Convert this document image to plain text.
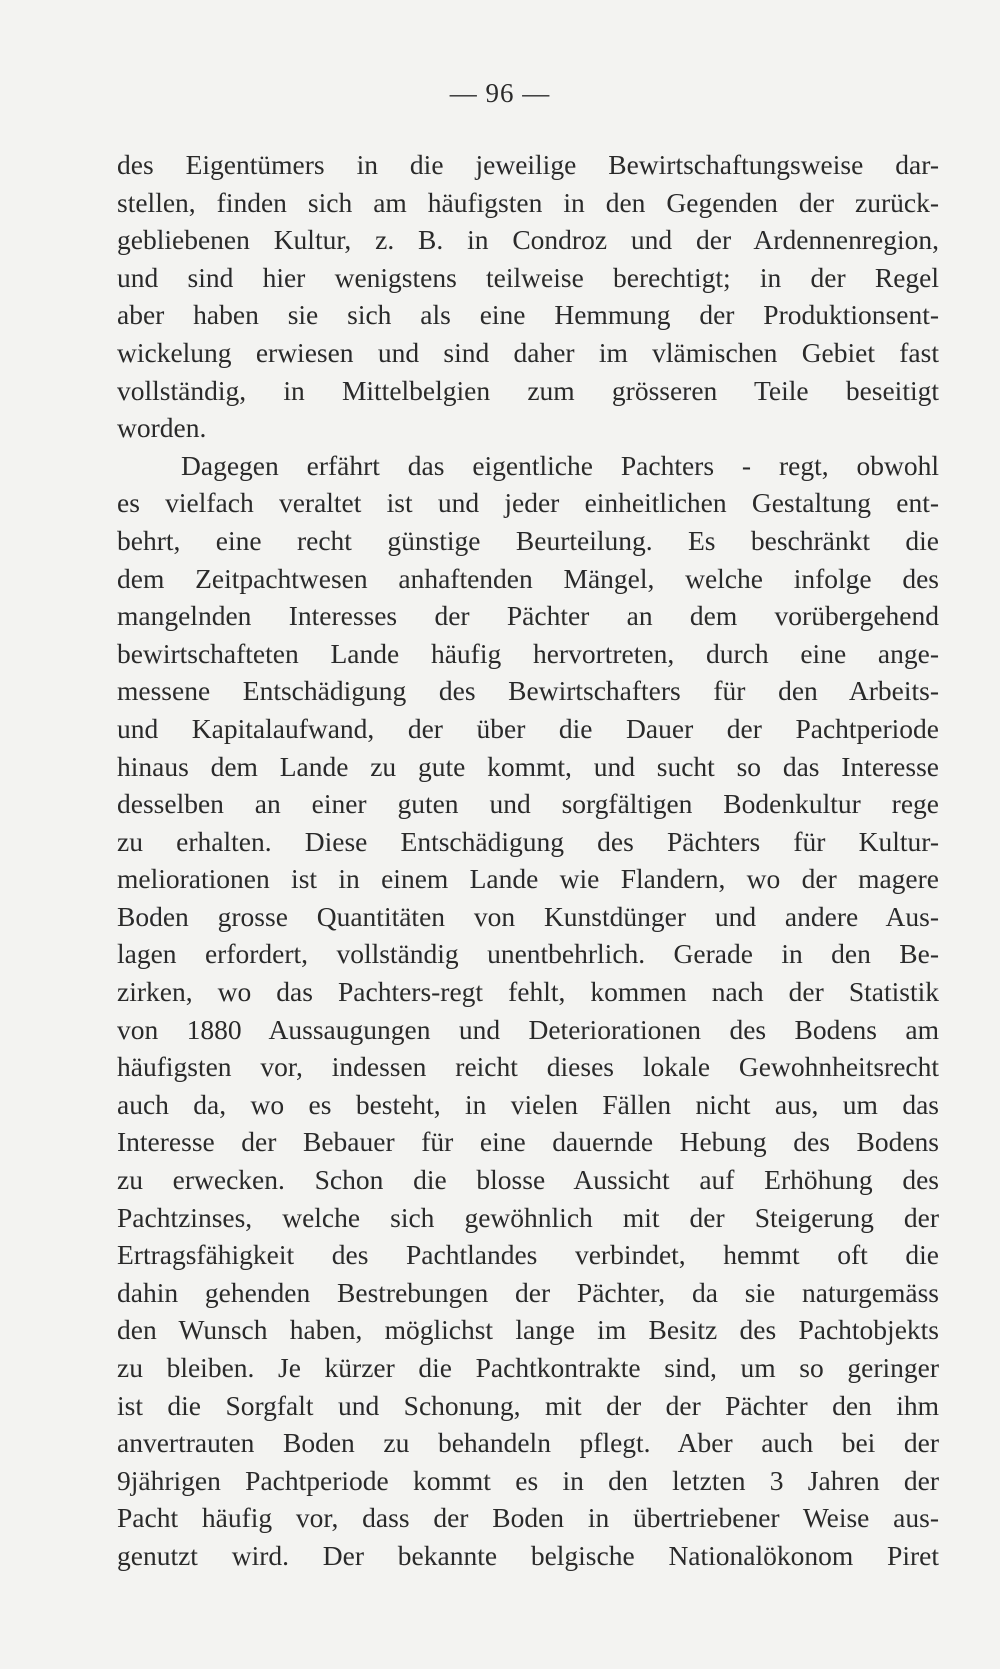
— 96 —
des Eigentümers in die jeweilige Bewirtschaftungsweise dar-
stellen, finden sich am häufigsten in den Gegenden der zurück-
gebliebenen Kultur, z. B. in Condroz und der Ardennenregion,
und sind hier wenigstens teilweise berechtigt; in der Regel
aber haben sie sich als eine Hemmung der Produktionsent-
wickelung erwiesen und sind daher im vlämischen Gebiet fast
vollständig, in Mittelbelgien zum grösseren Teile beseitigt
worden.
Dagegen erfährt das eigentliche Pachters - regt, obwohl
es vielfach veraltet ist und jeder einheitlichen Gestaltung ent-
behrt, eine recht günstige Beurteilung. Es beschränkt die
dem Zeitpachtwesen anhaftenden Mängel, welche infolge des
mangelnden Interesses der Pächter an dem vorübergehend
bewirtschafteten Lande häufig hervortreten, durch eine ange-
messene Entschädigung des Bewirtschafters für den Arbeits-
und Kapitalaufwand, der über die Dauer der Pachtperiode
hinaus dem Lande zu gute kommt, und sucht so das Interesse
desselben an einer guten und sorgfältigen Bodenkultur rege
zu erhalten. Diese Entschädigung des Pächters für Kultur-
meliorationen ist in einem Lande wie Flandern, wo der magere
Boden grosse Quantitäten von Kunstdünger und andere Aus-
lagen erfordert, vollständig unentbehrlich. Gerade in den Be-
zirken, wo das Pachters-regt fehlt, kommen nach der Statistik
von 1880 Aussaugungen und Deteriorationen des Bodens am
häufigsten vor, indessen reicht dieses lokale Gewohnheitsrecht
auch da, wo es besteht, in vielen Fällen nicht aus, um das
Interesse der Bebauer für eine dauernde Hebung des Bodens
zu erwecken. Schon die blosse Aussicht auf Erhöhung des
Pachtzinses, welche sich gewöhnlich mit der Steigerung der
Ertragsfähigkeit des Pachtlandes verbindet, hemmt oft die
dahin gehenden Bestrebungen der Pächter, da sie naturgemäss
den Wunsch haben, möglichst lange im Besitz des Pachtobjekts
zu bleiben. Je kürzer die Pachtkontrakte sind, um so geringer
ist die Sorgfalt und Schonung, mit der der Pächter den ihm
anvertrauten Boden zu behandeln pflegt. Aber auch bei der
9jährigen Pachtperiode kommt es in den letzten 3 Jahren der
Pacht häufig vor, dass der Boden in übertriebener Weise aus-
genutzt wird. Der bekannte belgische Nationalökonom Piret
